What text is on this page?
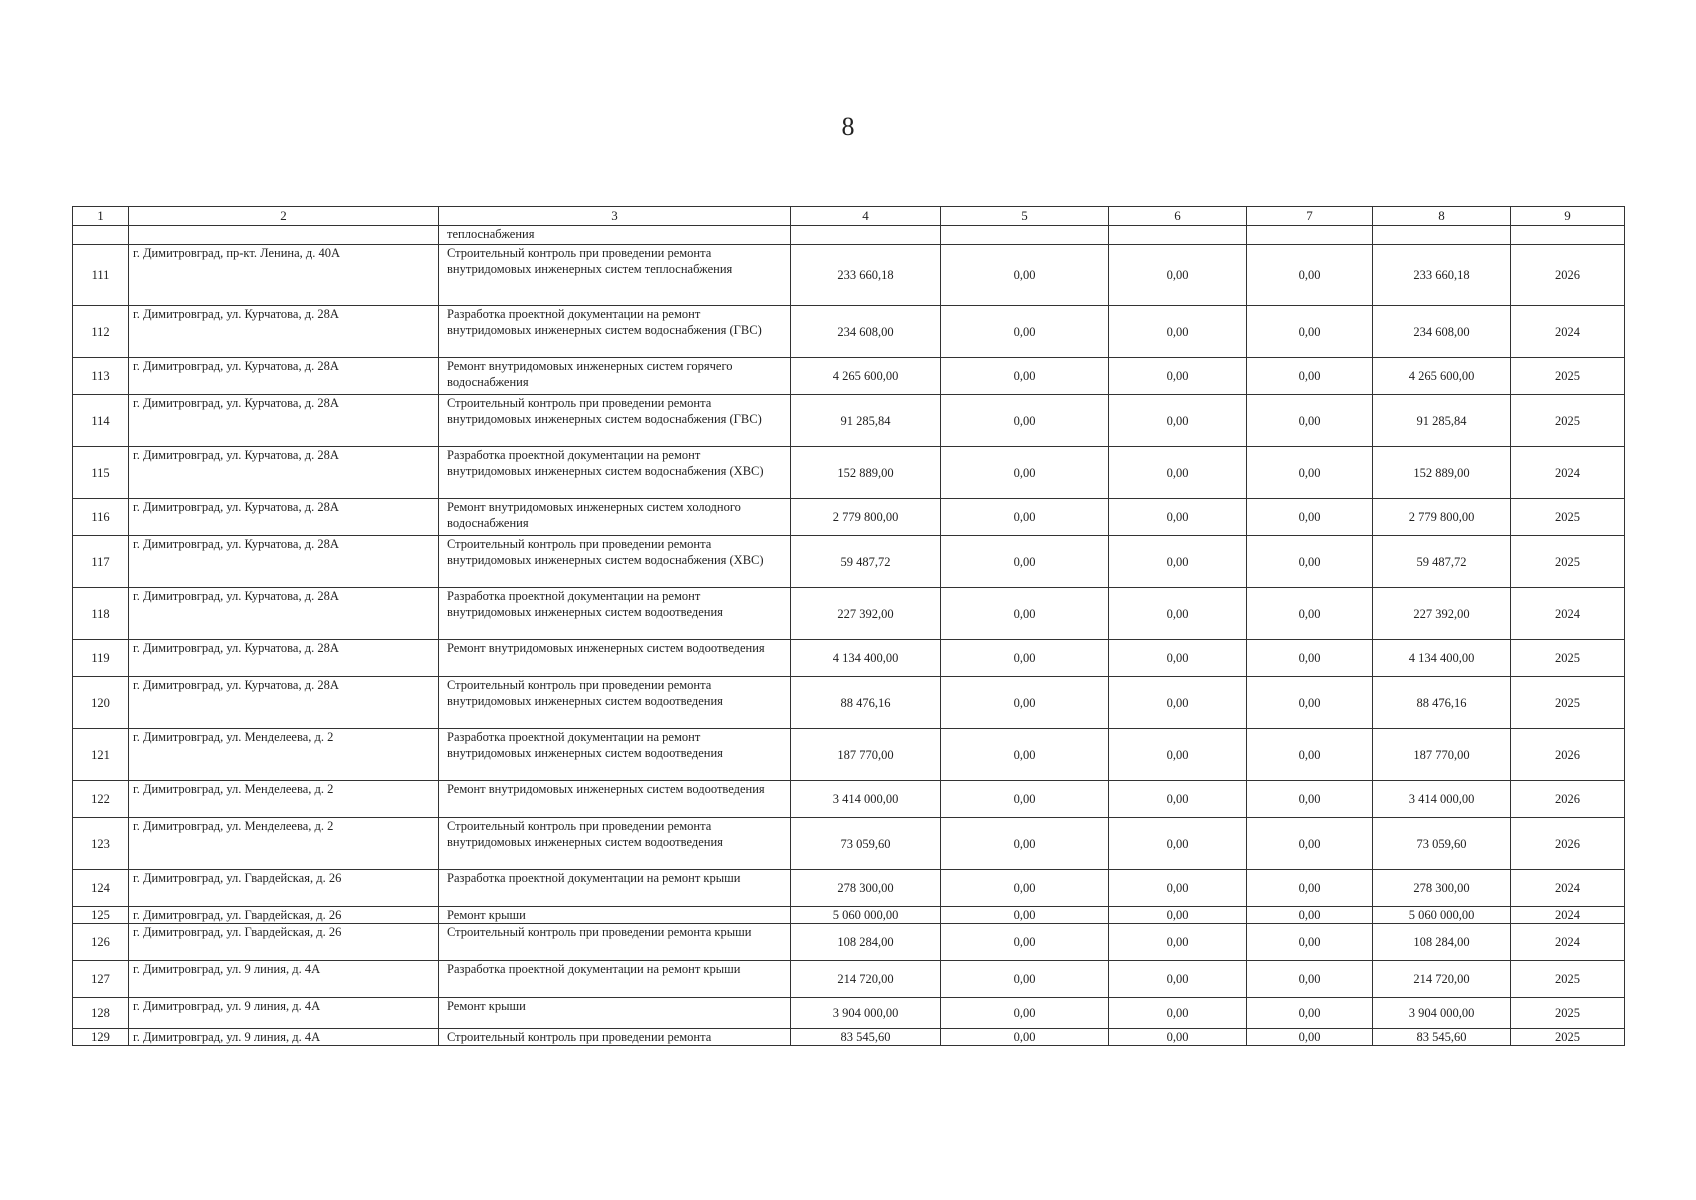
8
1	2	3	4	5	6	7	8	9
		теплоснабжения						
111	г. Димитровград, пр-кт. Ленина, д. 40А	Строительный контроль при проведении ремонта внутридомовых инженерных систем теплоснабжения	233 660,18	0,00	0,00	0,00	233 660,18	2026
112	г. Димитровград, ул. Курчатова, д. 28А	Разработка проектной документации на ремонт внутридомовых инженерных систем водоснабжения (ГВС)	234 608,00	0,00	0,00	0,00	234 608,00	2024
113	г. Димитровград, ул. Курчатова, д. 28А	Ремонт внутридомовых инженерных систем горячего водоснабжения	4 265 600,00	0,00	0,00	0,00	4 265 600,00	2025
114	г. Димитровград, ул. Курчатова, д. 28А	Строительный контроль при проведении ремонта внутридомовых инженерных систем водоснабжения (ГВС)	91 285,84	0,00	0,00	0,00	91 285,84	2025
115	г. Димитровград, ул. Курчатова, д. 28А	Разработка проектной документации на ремонт внутридомовых инженерных систем водоснабжения (ХВС)	152 889,00	0,00	0,00	0,00	152 889,00	2024
116	г. Димитровград, ул. Курчатова, д. 28А	Ремонт внутридомовых инженерных систем холодного водоснабжения	2 779 800,00	0,00	0,00	0,00	2 779 800,00	2025
117	г. Димитровград, ул. Курчатова, д. 28А	Строительный контроль при проведении ремонта внутридомовых инженерных систем водоснабжения (ХВС)	59 487,72	0,00	0,00	0,00	59 487,72	2025
118	г. Димитровград, ул. Курчатова, д. 28А	Разработка проектной документации на ремонт внутридомовых инженерных систем водоотведения	227 392,00	0,00	0,00	0,00	227 392,00	2024
119	г. Димитровград, ул. Курчатова, д. 28А	Ремонт внутридомовых инженерных систем водоотведения	4 134 400,00	0,00	0,00	0,00	4 134 400,00	2025
120	г. Димитровград, ул. Курчатова, д. 28А	Строительный контроль при проведении ремонта внутридомовых инженерных систем водоотведения	88 476,16	0,00	0,00	0,00	88 476,16	2025
121	г. Димитровград, ул. Менделеева, д. 2	Разработка проектной документации на ремонт внутридомовых инженерных систем водоотведения	187 770,00	0,00	0,00	0,00	187 770,00	2026
122	г. Димитровград, ул. Менделеева, д. 2	Ремонт внутридомовых инженерных систем водоотведения	3 414 000,00	0,00	0,00	0,00	3 414 000,00	2026
123	г. Димитровград, ул. Менделеева, д. 2	Строительный контроль при проведении ремонта внутридомовых инженерных систем водоотведения	73 059,60	0,00	0,00	0,00	73 059,60	2026
124	г. Димитровград, ул. Гвардейская, д. 26	Разработка проектной документации на ремонт крыши	278 300,00	0,00	0,00	0,00	278 300,00	2024
125	г. Димитровград, ул. Гвардейская, д. 26	Ремонт крыши	5 060 000,00	0,00	0,00	0,00	5 060 000,00	2024
126	г. Димитровград, ул. Гвардейская, д. 26	Строительный контроль при проведении ремонта крыши	108 284,00	0,00	0,00	0,00	108 284,00	2024
127	г. Димитровград, ул. 9 линия, д. 4А	Разработка проектной документации на ремонт крыши	214 720,00	0,00	0,00	0,00	214 720,00	2025
128	г. Димитровград, ул. 9 линия, д. 4А	Ремонт крыши	3 904 000,00	0,00	0,00	0,00	3 904 000,00	2025
129	г. Димитровград, ул. 9 линия, д. 4А	Строительный контроль при проведении ремонта	83 545,60	0,00	0,00	0,00	83 545,60	2025
